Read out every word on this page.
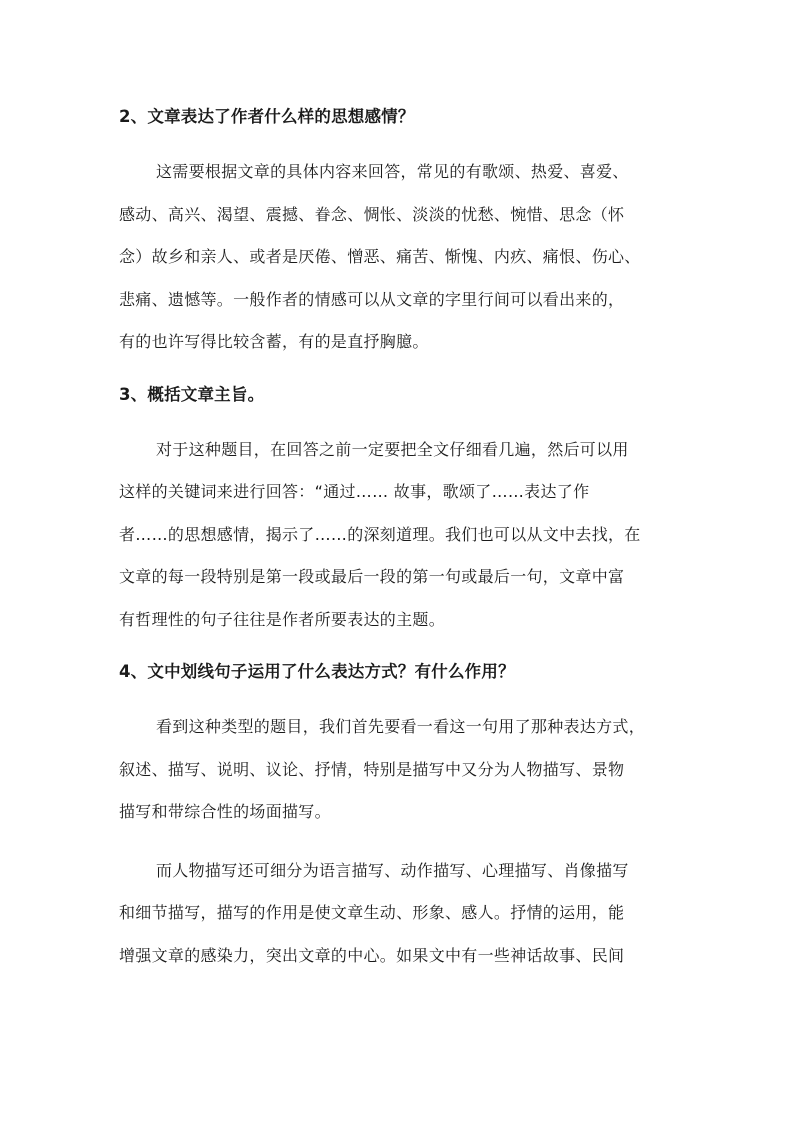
2、文章表达了作者什么样的思想感情？

这需要根据文章的具体内容来回答，常见的有歌颂、热爱、喜爱、
感动、高兴、渴望、震撼、眷念、惆怅、淡淡的忧愁、惋惜、思念（怀
念）故乡和亲人、或者是厌倦、憎恶、痛苦、惭愧、内疚、痛恨、伤心、
悲痛、遗憾等。一般作者的情感可以从文章的字里行间可以看出来的，
有的也许写得比较含蓄，有的是直抒胸臆。

3、概括文章主旨。

对于这种题目，在回答之前一定要把全文仔细看几遍，然后可以用
这样的关键词来进行回答：“通过…… 故事，歌颂了……表达了作
者……的思想感情，揭示了……的深刻道理。我们也可以从文中去找，在
文章的每一段特别是第一段或最后一段的第一句或最后一句，文章中富
有哲理性的句子往往是作者所要表达的主题。

4、文中划线句子运用了什么表达方式？有什么作用？

看到这种类型的题目，我们首先要看一看这一句用了那种表达方式，
叙述、描写、说明、议论、抒情，特别是描写中又分为人物描写、景物
描写和带综合性的场面描写。

而人物描写还可细分为语言描写、动作描写、心理描写、肖像描写
和细节描写，描写的作用是使文章生动、形象、感人。抒情的运用，能
增强文章的感染力，突出文章的中心。如果文中有一些神话故事、民间
